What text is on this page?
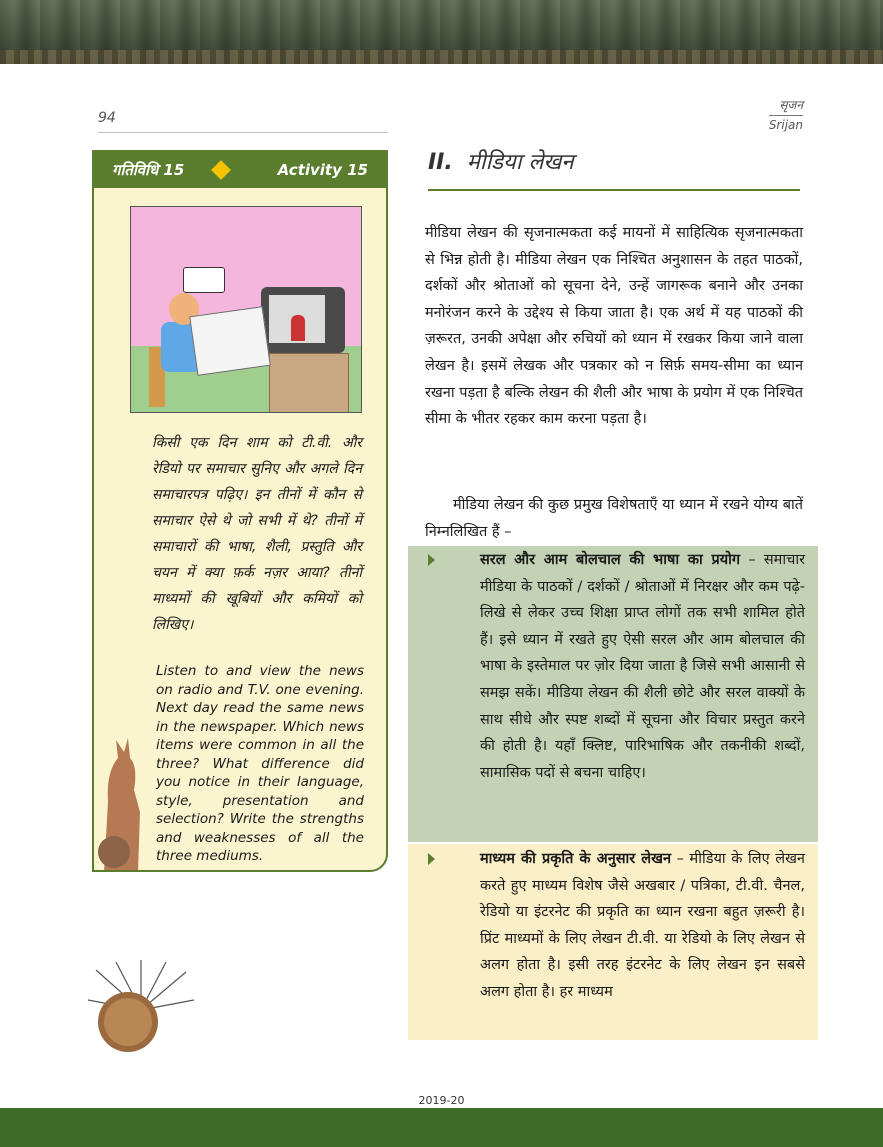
94
सृजन
Srijan
गतिविधि 15	Activity 15

किसी एक दिन शाम को टी.वी. और रेडियो पर समाचार सुनिए और अगले दिन समाचारपत्र पढ़िए। इन तीनों में कौन से समाचार ऐसे थे जो सभी में थे? तीनों में समाचारों की भाषा, शैली, प्रस्तुति और चयन में क्या फ़र्क नज़र आया? तीनों माध्यमों की खूबियों और कमियों को लिखिए।

Listen to and view the news on radio and T.V. one evening. Next day read the same news in the newspaper. Which news items were common in all the three? What difference did you notice in their language, style, presentation and selection? Write the strengths and weaknesses of all the three mediums.

II. मीडिया लेखन

मीडिया लेखन की सृजनात्मकता कई मायनों में साहित्यिक सृजनात्मकता से भिन्न होती है। मीडिया लेखन एक निश्चित अनुशासन के तहत पाठकों, दर्शकों और श्रोताओं को सूचना देने, उन्हें जागरूक बनाने और उनका मनोरंजन करने के उद्देश्य से किया जाता है। एक अर्थ में यह पाठकों की ज़रूरत, उनकी अपेक्षा और रुचियों को ध्यान में रखकर किया जाने वाला लेखन है। इसमें लेखक और पत्रकार को न सिर्फ़ समय-सीमा का ध्यान रखना पड़ता है बल्कि लेखन की शैली और भाषा के प्रयोग में एक निश्चित सीमा के भीतर रहकर काम करना पड़ता है।

मीडिया लेखन की कुछ प्रमुख विशेषताएँ या ध्यान में रखने योग्य बातें निम्नलिखित हैं –

सरल और आम बोलचाल की भाषा का प्रयोग – समाचार मीडिया के पाठकों / दर्शकों / श्रोताओं में निरक्षर और कम पढ़े-लिखे से लेकर उच्च शिक्षा प्राप्त लोगों तक सभी शामिल होते हैं। इसे ध्यान में रखते हुए ऐसी सरल और आम बोलचाल की भाषा के इस्तेमाल पर ज़ोर दिया जाता है जिसे सभी आसानी से समझ सकें। मीडिया लेखन की शैली छोटे और सरल वाक्यों के साथ सीधे और स्पष्ट शब्दों में सूचना और विचार प्रस्तुत करने की होती है। यहाँ क्लिष्ट, पारिभाषिक और तकनीकी शब्दों, सामासिक पदों से बचना चाहिए।

माध्यम की प्रकृति के अनुसार लेखन – मीडिया के लिए लेखन करते हुए माध्यम विशेष जैसे अखबार / पत्रिका, टी.वी. चैनल, रेडियो या इंटरनेट की प्रकृति का ध्यान रखना बहुत ज़रूरी है। प्रिंट माध्यमों के लिए लेखन टी.वी. या रेडियो के लिए लेखन से अलग होता है। इसी तरह इंटरनेट के लिए लेखन इन सबसे अलग होता है। हर माध्यम

2019-20
